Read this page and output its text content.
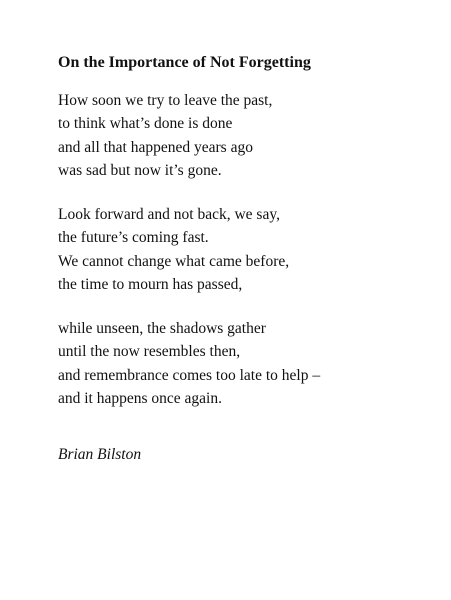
On the Importance of Not Forgetting
How soon we try to leave the past,
to think what’s done is done
and all that happened years ago
was sad but now it’s gone.
Look forward and not back, we say,
the future’s coming fast.
We cannot change what came before,
the time to mourn has passed,
while unseen, the shadows gather
until the now resembles then,
and remembrance comes too late to help –
and it happens once again.
Brian Bilston
